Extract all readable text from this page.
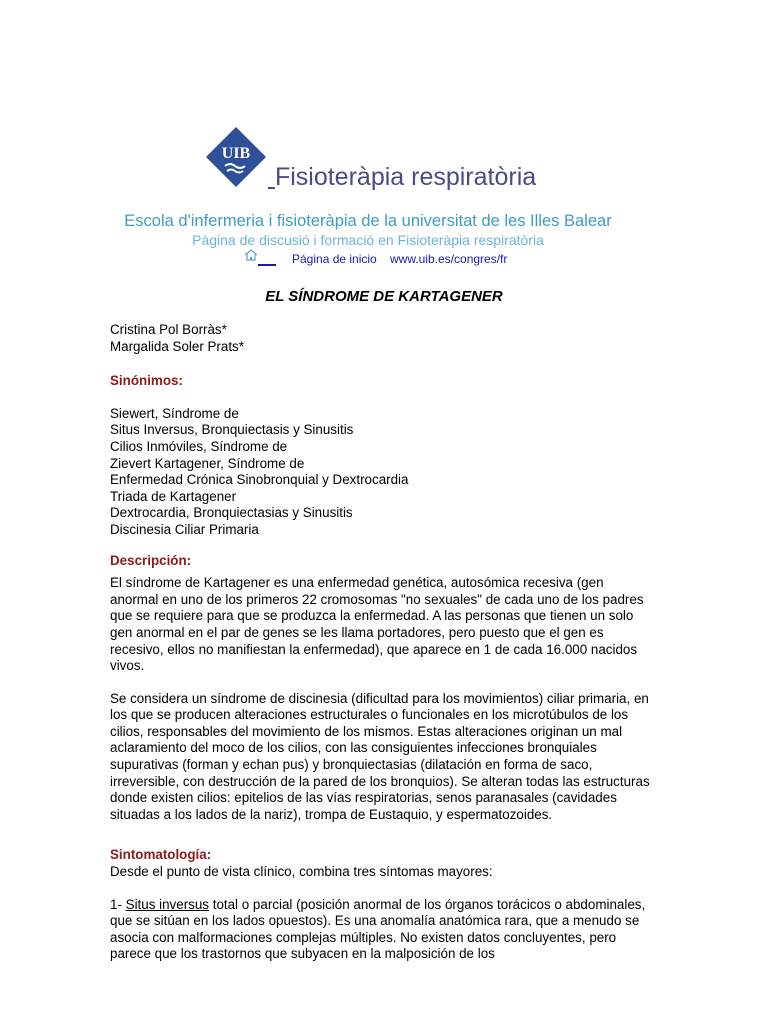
UIB
Fisioteràpia respiratòria
Escola d'infermeria i fisioteràpia de la universitat de les Illes Balear
Pàgina de discusió i formació en Fisioteràpia respiratòria
Página de inicio www.uib.es/congres/fr
EL SÍNDROME DE KARTAGENER

Cristina Pol Borràs*

Margalida Soler Prats*

Sinónimos:

Siewert, Síndrome de

Situs Inversus, Bronquiectasis y Sinusitis

Cilios Inmóviles, Síndrome de

Zievert Kartagener, Síndrome de

Enfermedad Crónica Sinobronquial y Dextrocardia

Triada de Kartagener

Dextrocardia, Bronquiectasias y Sinusitis

Discinesia Ciliar Primaria

Descripción:

El síndrome de Kartagener es una enfermedad genética, autosómica recesiva (gen anormal en uno de los primeros 22 cromosomas "no sexuales" de cada uno de los padres que se requiere para que se produzca la enfermedad. A las personas que tienen un solo gen anormal en el par de genes se les llama portadores, pero puesto que el gen es recesivo, ellos no manifiestan la enfermedad), que aparece en 1 de cada 16.000 nacidos vivos.

Se considera un síndrome de discinesia (dificultad para los movimientos) ciliar primaria, en los que se producen alteraciones estructurales o funcionales en los microtúbulos de los cilios, responsables del movimiento de los mismos. Estas alteraciones originan un mal aclaramiento del moco de los cilios, con las consiguientes infecciones bronquiales supurativas (forman y echan pus) y bronquiectasias (dilatación en forma de saco, irreversible, con destrucción de la pared de los bronquios). Se alteran todas las estructuras donde existen cilios: epitelios de las vías respiratorias, senos paranasales (cavidades situadas a los lados de la nariz), trompa de Eustaquio, y espermatozoides.

Sintomatología:

Desde el punto de vista clínico, combina tres síntomas mayores:

1- Situs inversus total o parcial (posición anormal de los órganos torácicos o abdominales, que se sitúan en los lados opuestos). Es una anomalía anatómica rara, que a menudo se asocia con malformaciones complejas múltiples. No existen datos concluyentes, pero parece que los trastornos que subyacen en la malposición de los
